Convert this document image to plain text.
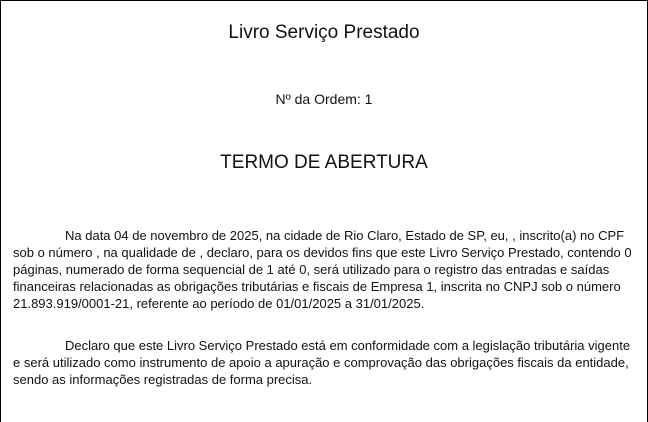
Livro Serviço Prestado
Nº da Ordem: 1
TERMO DE ABERTURA

Na data 04 de novembro de 2025, na cidade de Rio Claro, Estado de SP, eu, , inscrito(a) no CPF sob o número , na qualidade de , declaro, para os devidos fins que este Livro Serviço Prestado, contendo 0 páginas, numerado de forma sequencial de 1 até 0, será utilizado para o registro das entradas e saídas financeiras relacionadas as obrigações tributárias e fiscais de Empresa 1, inscrita no CNPJ sob o número 21.893.919/0001-21, referente ao período de 01/01/2025 a 31/01/2025.

Declaro que este Livro Serviço Prestado está em conformidade com a legislação tributária vigente e será utilizado como instrumento de apoio a apuração e comprovação das obrigações fiscais da entidade, sendo as informações registradas de forma precisa.
